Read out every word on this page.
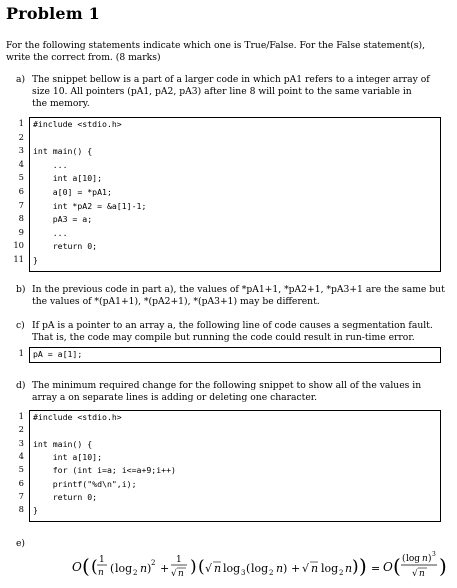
Problem 1
For the following statements indicate which one is True/False. For the False statement(s),
write the correct from. (8 marks)
a) The snippet bellow is a part of a larger code in which pA1 refers to a integer array of
size 10. All pointers (pA1, pA2, pA3) after line 8 will point to the same variable in
the memory.
1
2
3
4
5
6
7
8
9
10
11
#include <stdio.h>
int main() {
...
int a[10];
a[0] = *pA1;
int *pA2 = &a[1]-1;
pA3 = a;
...
return 0;
}
b) In the previous code in part a), the values of *pA1+1, *pA2+1, *pA3+1 are the same but
the values of *(pA1+1), *(pA2+1), *(pA3+1) may be different.
c) If pA is a pointer to an array a, the following line of code causes a segmentation fault.
That is, the code may compile but running the code could result in run-time error.
1 pA = a[1];
d) The minimum required change for the following snippet to show all of the values in
array a on separate lines is adding or deleting one character.
1
2
3
4
5
6
7
8
#include <stdio.h>
int main() {
int a[10];
for (int i=a; i<=a+9;i++)
printf("%d\n",i);
return 0;
}
e)
O ( ( 1
n ( log 2 n ) 2 +
1
√ n ) ( √ n log 3 ( log 2 n ) + √ n log 2 n ) ) = O ( ( log n ) 3
√ n )
